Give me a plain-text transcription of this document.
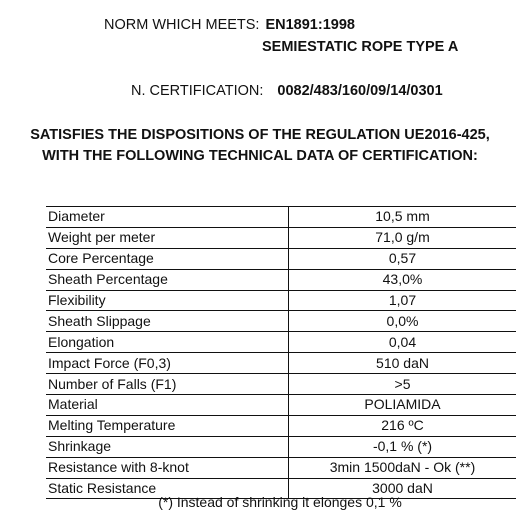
NORM WHICH MEETS: EN1891:1998
SEMIESTATIC ROPE TYPE A
N. CERTIFICATION: 0082/483/160/09/14/0301
SATISFIES THE DISPOSITIONS OF THE REGULATION UE2016-425,
WITH THE FOLLOWING TECHNICAL DATA OF CERTIFICATION:
Diameter	10,5 mm
Weight per meter	71,0 g/m
Core Percentage	0,57
Sheath Percentage	43,0%
Flexibility	1,07
Sheath Slippage	0,0%
Elongation	0,04
Impact Force (F0,3)	510 daN
Number of Falls (F1)	>5
Material	POLIAMIDA
Melting Temperature	216 ºC
Shrinkage	-0,1 % (*)
Resistance with 8-knot	3min 1500daN - Ok (**)
Static Resistance	3000 daN
(*) Instead of shrinking it elonges 0,1 %
